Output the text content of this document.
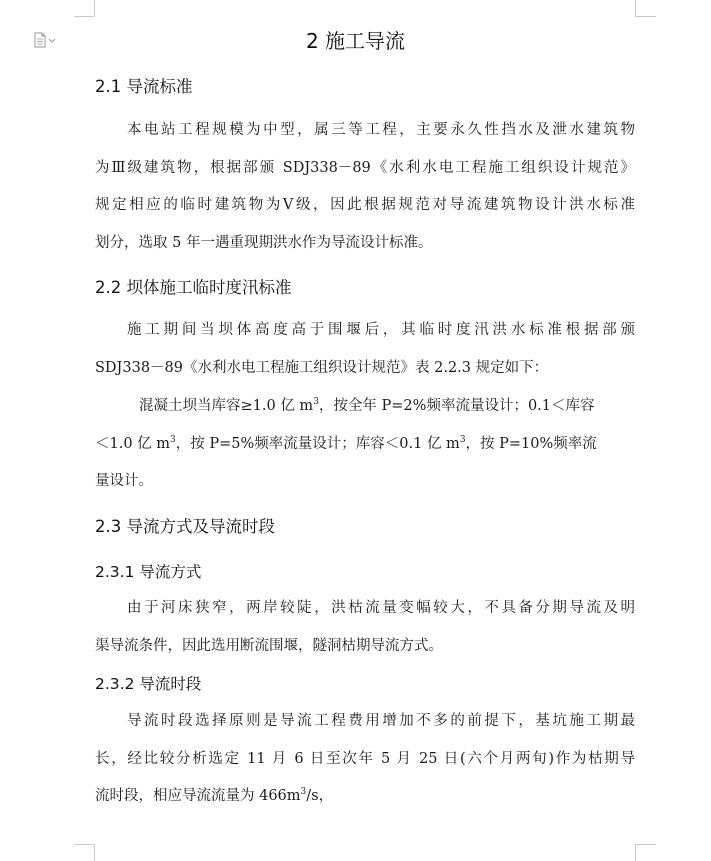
2 施工导流
2.1 导流标准
本电站工程规模为中型，属三等工程，主要永久性挡水及泄水建筑物
为Ⅲ级建筑物，根据部颁 SDJ338－89《水利水电工程施工组织设计规范》
规定相应的临时建筑物为Ⅴ级，因此根据规范对导流建筑物设计洪水标准
划分，选取 5 年一遇重现期洪水作为导流设计标准。
2.2 坝体施工临时度汛标准
施工期间当坝体高度高于围堰后，其临时度汛洪水标准根据部颁
SDJ338－89《水利水电工程施工组织设计规范》表 2.2.3 规定如下：
混凝土坝当库容≥1.0 亿 $m^3$，按全年 P=2%频率流量设计；0.1＜库容
＜1.0 亿 $m^3$，按 P=5%频率流量设计；库容＜0.1 亿 $m^3$，按 P=10%频率流
量设计。
2.3 导流方式及导流时段
2.3.1 导流方式
由于河床狭窄，两岸较陡，洪枯流量变幅较大，不具备分期导流及明
渠导流条件，因此选用断流围堰，隧洞枯期导流方式。
2.3.2 导流时段
导流时段选择原则是导流工程费用增加不多的前提下，基坑施工期最
长，经比较分析选定 11 月 6 日至次年 5 月 25 日(六个月两旬)作为枯期导
流时段，相应导流流量为 $466m^3/s$，
